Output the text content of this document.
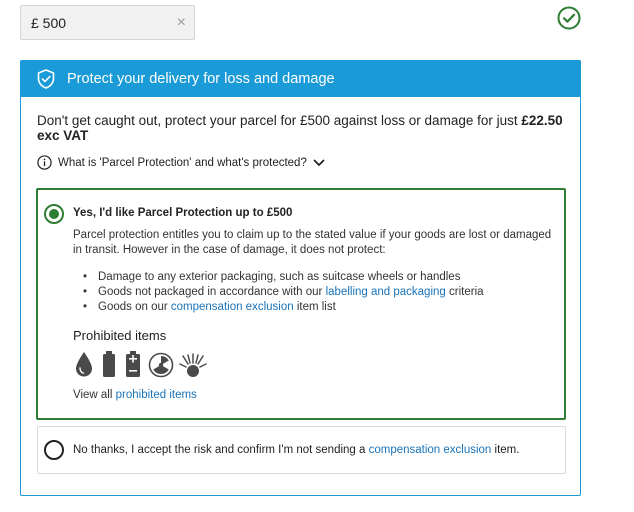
£ 500	×
Protect your delivery for loss and damage

Don't get caught out, protect your parcel for £500 against loss or damage for just £22.50 exc VAT

What is 'Parcel Protection' and what's protected?
Yes, I'd like Parcel Protection up to £500
Parcel protection entitles you to claim up to the stated value if your goods are lost or damaged in transit. However in the case of damage, it does not protect:
• Damage to any exterior packaging, such as suitcase wheels or handles
• Goods not packaged in accordance with our labelling and packaging criteria
• Goods on our compensation exclusion item list
Prohibited items
View all prohibited items
No thanks, I accept the risk and confirm I'm not sending a compensation exclusion item.
